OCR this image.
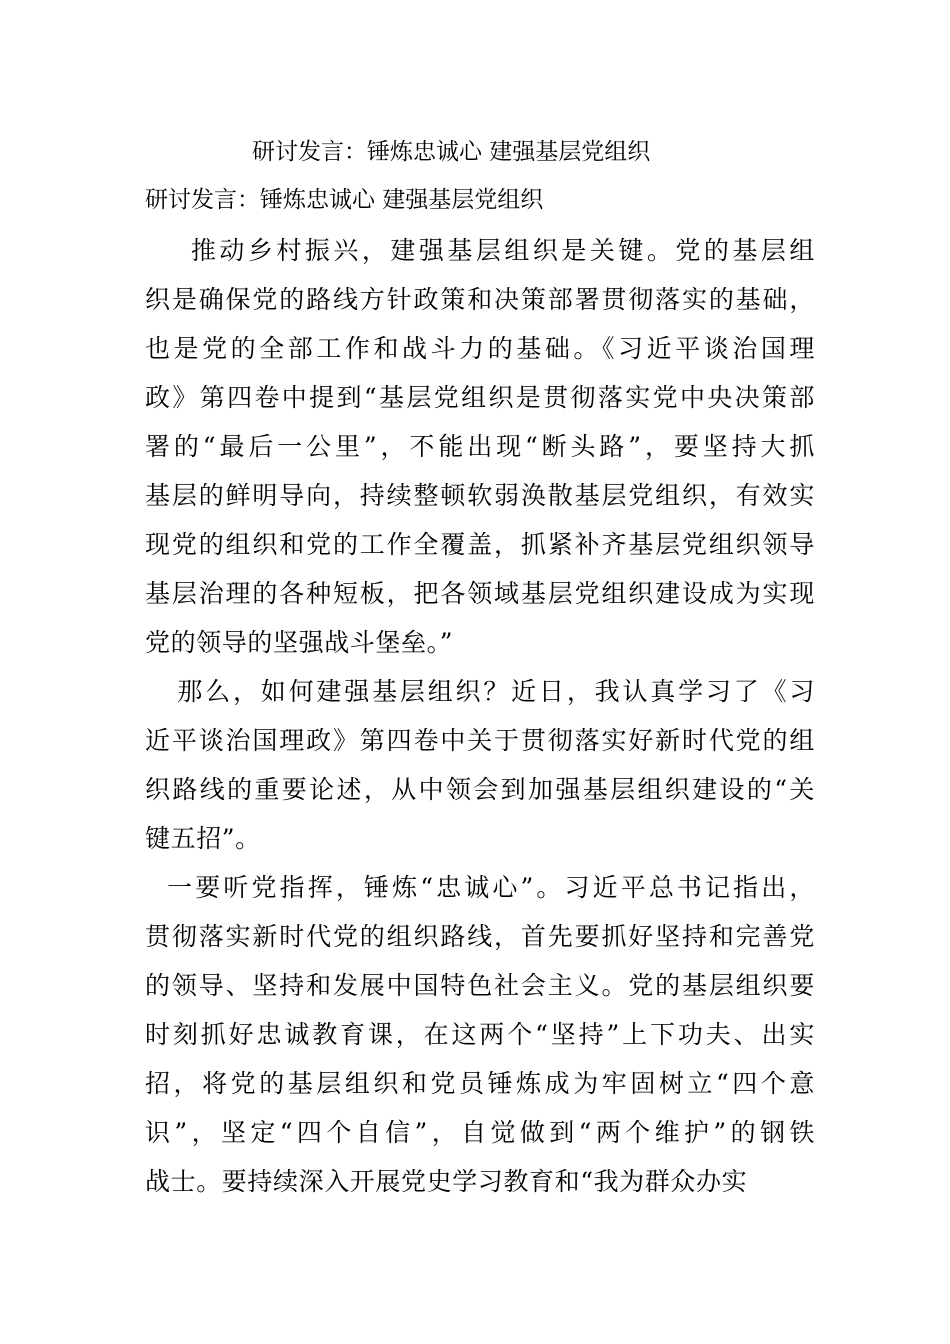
研讨发言：锤炼忠诚心 建强基层党组织
研讨发言：锤炼忠诚心 建强基层党组织
推动乡村振兴，建强基层组织是关键。党的基层组
织是确保党的路线方针政策和决策部署贯彻落实的基础，
也是党的全部工作和战斗力的基础。《习近平谈治国理
政》第四卷中提到“基层党组织是贯彻落实党中央决策部
署的“最后一公里”，不能出现“断头路”，要坚持大抓
基层的鲜明导向，持续整顿软弱涣散基层党组织，有效实
现党的组织和党的工作全覆盖，抓紧补齐基层党组织领导
基层治理的各种短板，把各领域基层党组织建设成为实现
党的领导的坚强战斗堡垒。”
那么，如何建强基层组织？近日，我认真学习了《习
近平谈治国理政》第四卷中关于贯彻落实好新时代党的组
织路线的重要论述，从中领会到加强基层组织建设的“关
键五招”。
一要听党指挥，锤炼“忠诚心”。习近平总书记指出，
贯彻落实新时代党的组织路线，首先要抓好坚持和完善党
的领导、坚持和发展中国特色社会主义。党的基层组织要
时刻抓好忠诚教育课，在这两个“坚持”上下功夫、出实
招，将党的基层组织和党员锤炼成为牢固树立“四个意
识”，坚定“四个自信”，自觉做到“两个维护”的钢铁
战士。要持续深入开展党史学习教育和“我为群众办实
